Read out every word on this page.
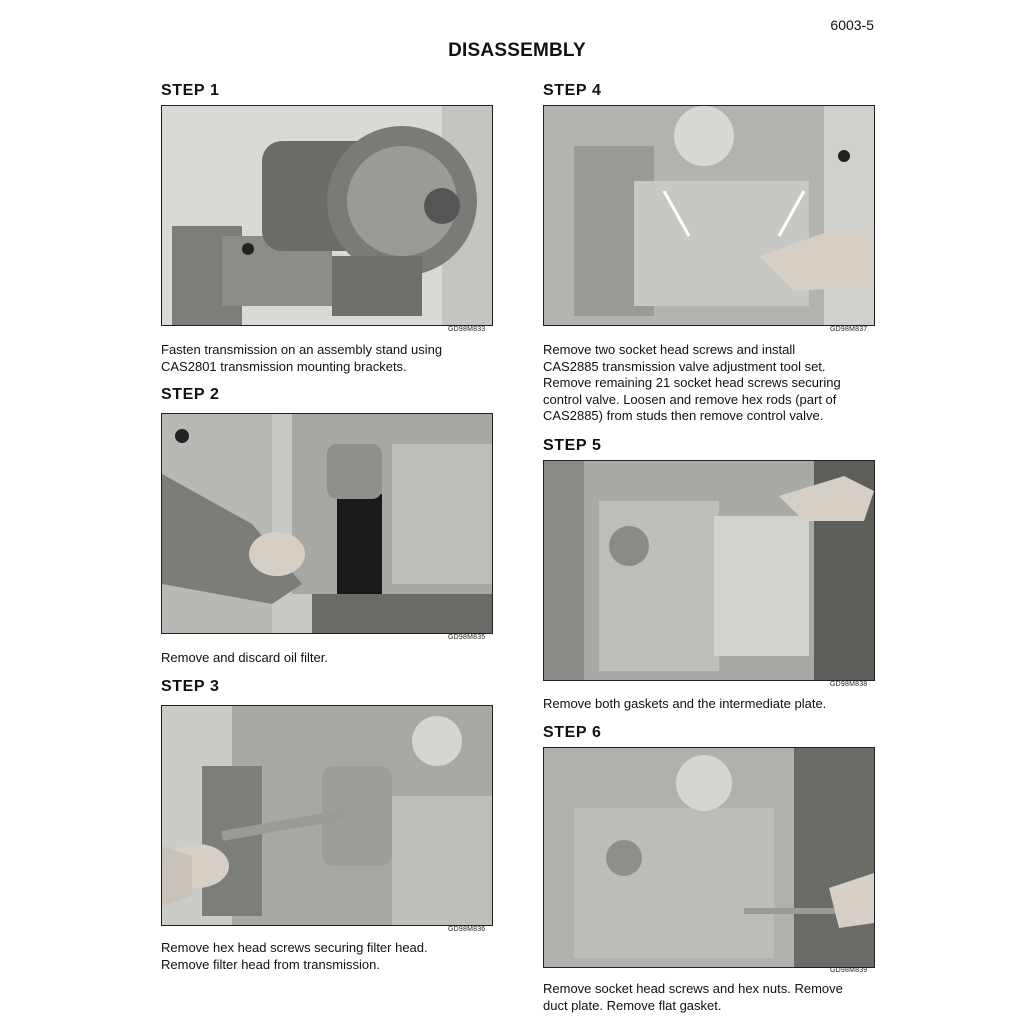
6003-5
DISASSEMBLY
STEP 1
GD98M833
Fasten transmission on an assembly stand using
CAS2801 transmission mounting brackets.
STEP 2
GD98M835
Remove and discard oil filter.
STEP 3
GD98M836
Remove hex head screws securing filter head.
Remove filter head from transmission.
STEP 4
GD98M837
Remove two socket head screws and install
CAS2885 transmission valve adjustment tool set.
Remove remaining 21 socket head screws securing
control valve. Loosen and remove hex rods (part of
CAS2885) from studs then remove control valve.
STEP 5
GD98M838
Remove both gaskets and the intermediate plate.
STEP 6
GD98M839
Remove socket head screws and hex nuts. Remove
duct plate. Remove flat gasket.
